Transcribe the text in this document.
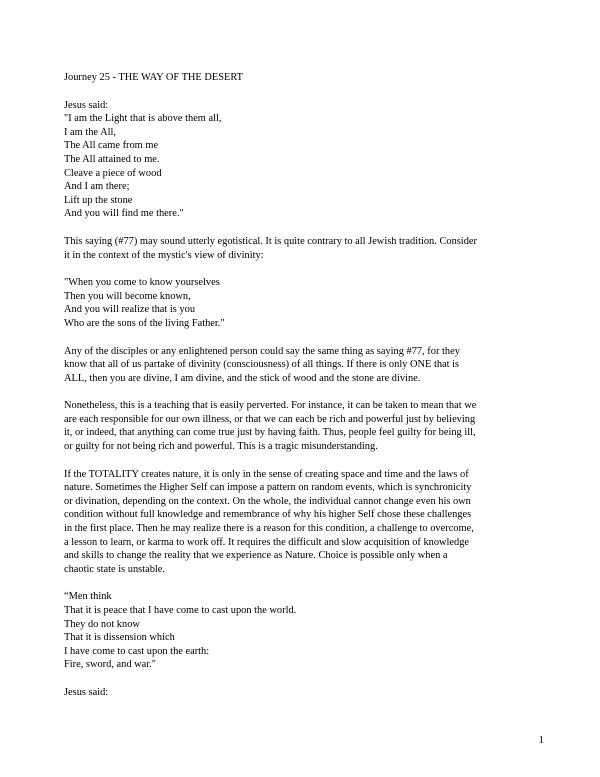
Journey 25 - THE WAY OF THE DESERT
Jesus said:
"I am the Light that is above them all,
I am the All,
The All came from me
The All attained to me.
Cleave a piece of wood
And I am there;
Lift up the stone
And you will find me there."
This saying (#77) may sound utterly egotistical. It is quite contrary to all Jewish tradition. Consider
it in the context of the mystic's view of divinity:
"When you come to know yourselves
Then you will become known,
And you will realize that is you
Who are the sons of the living Father."
Any of the disciples or any enlightened person could say the same thing as saying #77, for they
know that all of us partake of divinity (consciousness) of all things. If there is only ONE that is
ALL, then you are divine, I am divine, and the stick of wood and the stone are divine.
Nonetheless, this is a teaching that is easily perverted. For instance, it can be taken to mean that we
are each responsible for our own illness, or that we can each be rich and powerful just by believing
it, or indeed, that anything can come true just by having faith. Thus, people feel guilty for being ill,
or guilty for not being rich and powerful. This is a tragic misunderstanding.
If the TOTALITY creates nature, it is only in the sense of creating space and time and the laws of
nature. Sometimes the Higher Self can impose a pattern on random events, which is synchronicity
or divination, depending on the context. On the whole, the individual cannot change even his own
condition without full knowledge and remembrance of why his higher Self chose these challenges
in the first place. Then he may realize there is a reason for this condition, a challenge to overcome,
a lesson to learn, or karma to work off. It requires the difficult and slow acquisition of knowledge
and skills to change the reality that we experience as Nature. Choice is possible only when a
chaotic state is unstable.
“Men think
That it is peace that I have come to cast upon the world.
They do not know
That it is dissension which
I have come to cast upon the earth:
Fire, sword, and war."
Jesus said:
1
